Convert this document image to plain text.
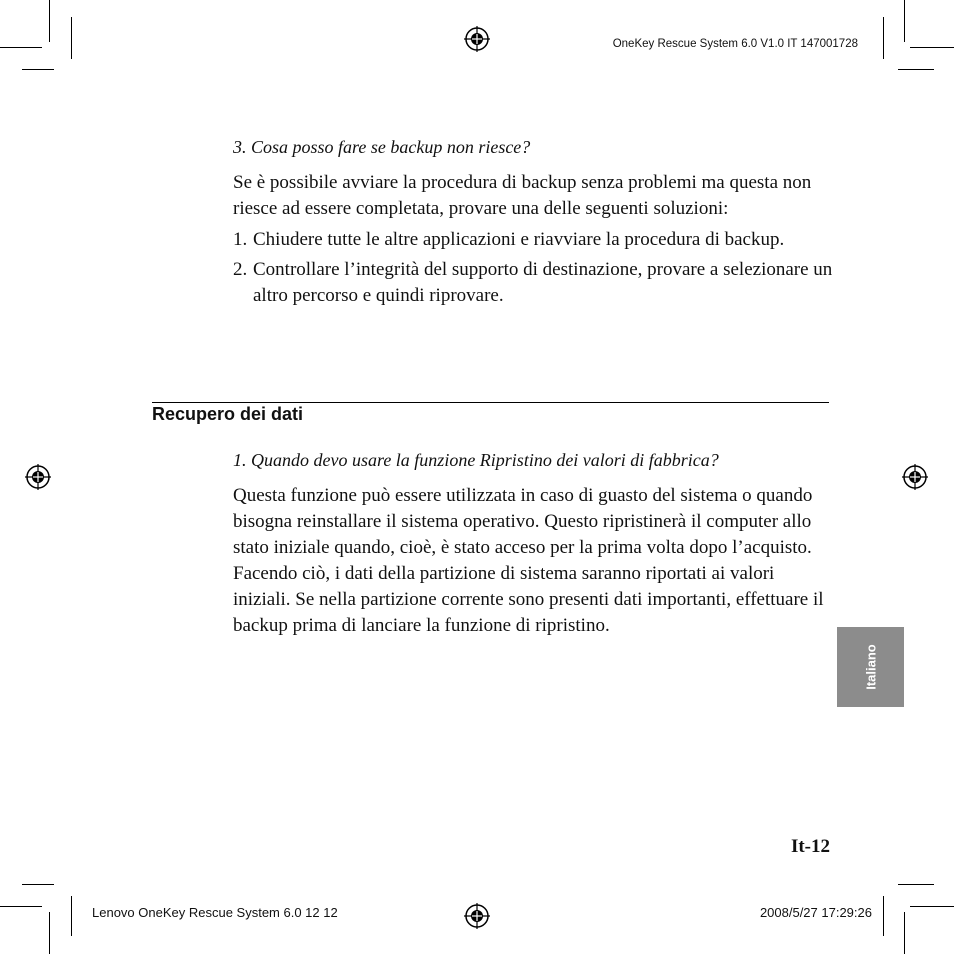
OneKey Rescue System 6.0 V1.0 IT 147001728

3. Cosa posso fare se backup non riesce?

Se è possibile avviare la procedura di backup senza problemi ma questa non riesce ad essere completata, provare una delle seguenti soluzioni:

1. Chiudere tutte le altre applicazioni e riavviare la procedura di backup.
2. Controllare l’integrità del supporto di destinazione, provare a selezionare un altro percorso e quindi riprovare.
Recupero dei dati

1. Quando devo usare la funzione Ripristino dei valori di fabbrica?

Questa funzione può essere utilizzata in caso di guasto del sistema o quando bisogna reinstallare il sistema operativo. Questo ripristinerà il computer allo stato iniziale quando, cioè, è stato acceso per la prima volta dopo l’acquisto. Facendo ciò, i dati della partizione di sistema saranno riportati ai valori iniziali. Se nella partizione corrente sono presenti dati importanti, effettuare il backup prima di lanciare la funzione di ripristino.

Italiano
It-12
Lenovo OneKey Rescue System 6.0 12 12	2008/5/27 17:29:26
